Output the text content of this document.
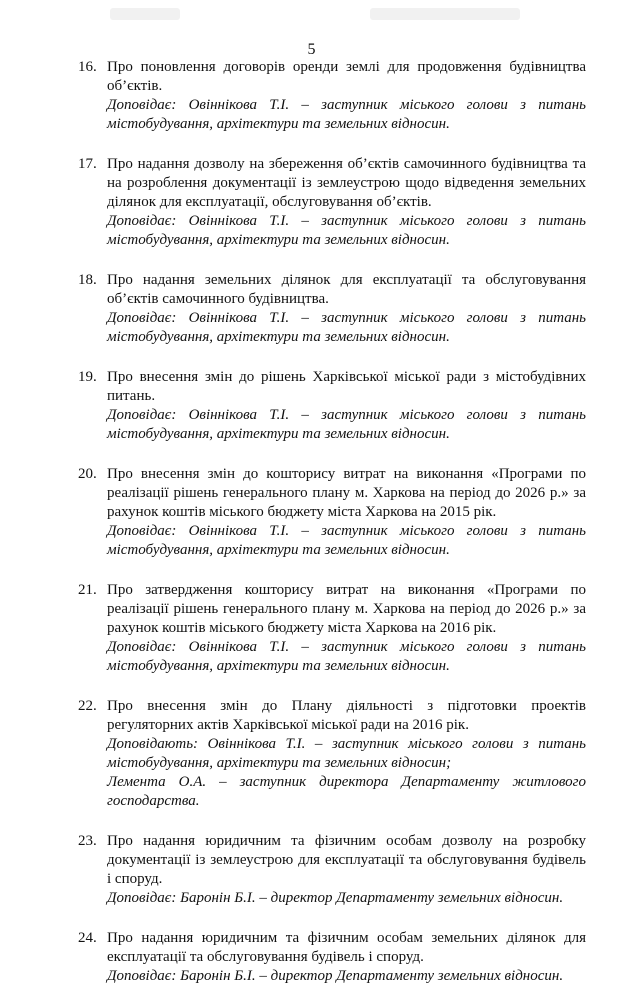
5
16. Про поновлення договорів оренди землі для продовження будівництва об’єктів.
Доповідає: Овіннікова Т.І. – заступник міського голови з питань містобудування, архітектури та земельних відносин.
17. Про надання дозволу на збереження об’єктів самочинного будівництва та на розроблення документації із землеустрою щодо відведення земельних ділянок для експлуатації, обслуговування об’єктів.
Доповідає: Овіннікова Т.І. – заступник міського голови з питань містобудування, архітектури та земельних відносин.
18. Про надання земельних ділянок для експлуатації та обслуговування об’єктів самочинного будівництва.
Доповідає: Овіннікова Т.І. – заступник міського голови з питань містобудування, архітектури та земельних відносин.
19. Про внесення змін до рішень Харківської міської ради з містобудівних питань.
Доповідає: Овіннікова Т.І. – заступник міського голови з питань містобудування, архітектури та земельних відносин.
20. Про внесення змін до кошторису витрат на виконання «Програми по реалізації рішень генерального плану м. Харкова на період до 2026 р.» за рахунок коштів міського бюджету міста Харкова на 2015 рік.
Доповідає: Овіннікова Т.І. – заступник міського голови з питань містобудування, архітектури та земельних відносин.
21. Про затвердження кошторису витрат на виконання «Програми по реалізації рішень генерального плану м. Харкова на період до 2026 р.» за рахунок коштів міського бюджету міста Харкова на 2016 рік.
Доповідає: Овіннікова Т.І. – заступник міського голови з питань містобудування, архітектури та земельних відносин.
22. Про внесення змін до Плану діяльності з підготовки проектів регуляторних актів Харківської міської ради на 2016 рік.
Доповідають: Овіннікова Т.І. – заступник міського голови з питань містобудування, архітектури та земельних відносин;
Лемента О.А. – заступник директора Департаменту житлового господарства.
23. Про надання юридичним та фізичним особам дозволу на розробку документації із землеустрою для експлуатації та обслуговування будівель і споруд.
Доповідає: Баронін Б.І. – директор Департаменту земельних відносин.
24. Про надання юридичним та фізичним особам земельних ділянок для експлуатації та обслуговування будівель і споруд.
Доповідає: Баронін Б.І. – директор Департаменту земельних відносин.
